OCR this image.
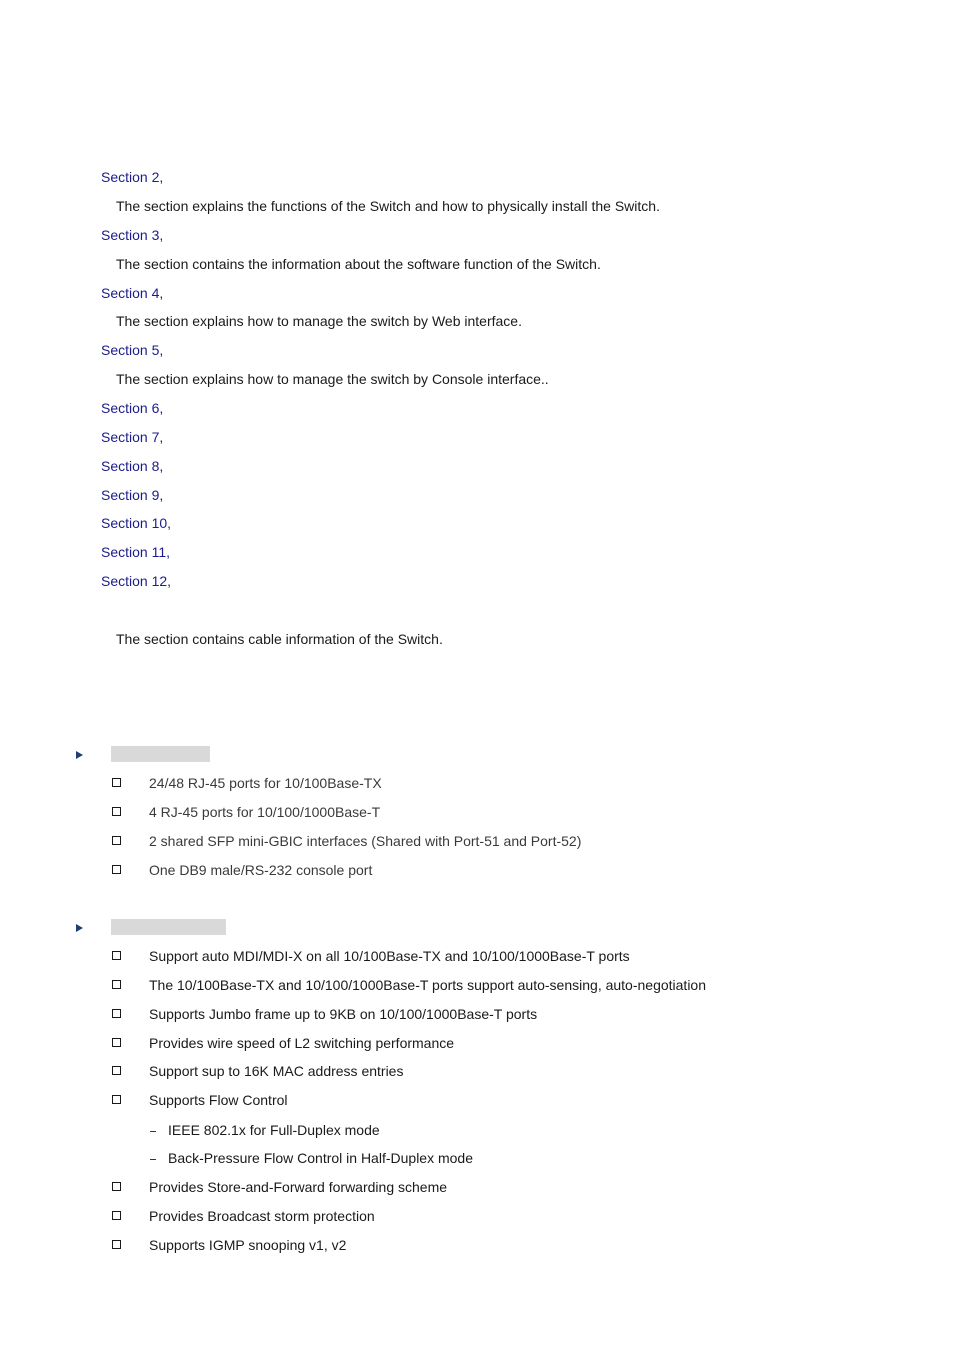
Section 2,
The section explains the functions of the Switch and how to physically install the Switch.
Section 3,
The section contains the information about the software function of the Switch.
Section 4,
The section explains how to manage the switch by Web interface.
Section 5,
The section explains how to manage the switch by Console interface..
Section 6,
Section 7,
Section 8,
Section 9,
Section 10,
Section 11,
Section 12,
The section contains cable information of the Switch.
24/48 RJ-45 ports for 10/100Base-TX
4 RJ-45 ports for 10/100/1000Base-T
2 shared SFP mini-GBIC interfaces (Shared with Port-51 and Port-52)
One DB9 male/RS-232 console port
Support auto MDI/MDI-X on all 10/100Base-TX and 10/100/1000Base-T ports
The 10/100Base-TX and 10/100/1000Base-T ports support auto-sensing, auto-negotiation
Supports Jumbo frame up to 9KB on 10/100/1000Base-T ports
Provides wire speed of L2 switching performance
Support sup to 16K MAC address entries
Supports Flow Control
IEEE 802.1x for Full-Duplex mode
Back-Pressure Flow Control in Half-Duplex mode
Provides Store-and-Forward forwarding scheme
Provides Broadcast storm protection
Supports IGMP snooping v1, v2
